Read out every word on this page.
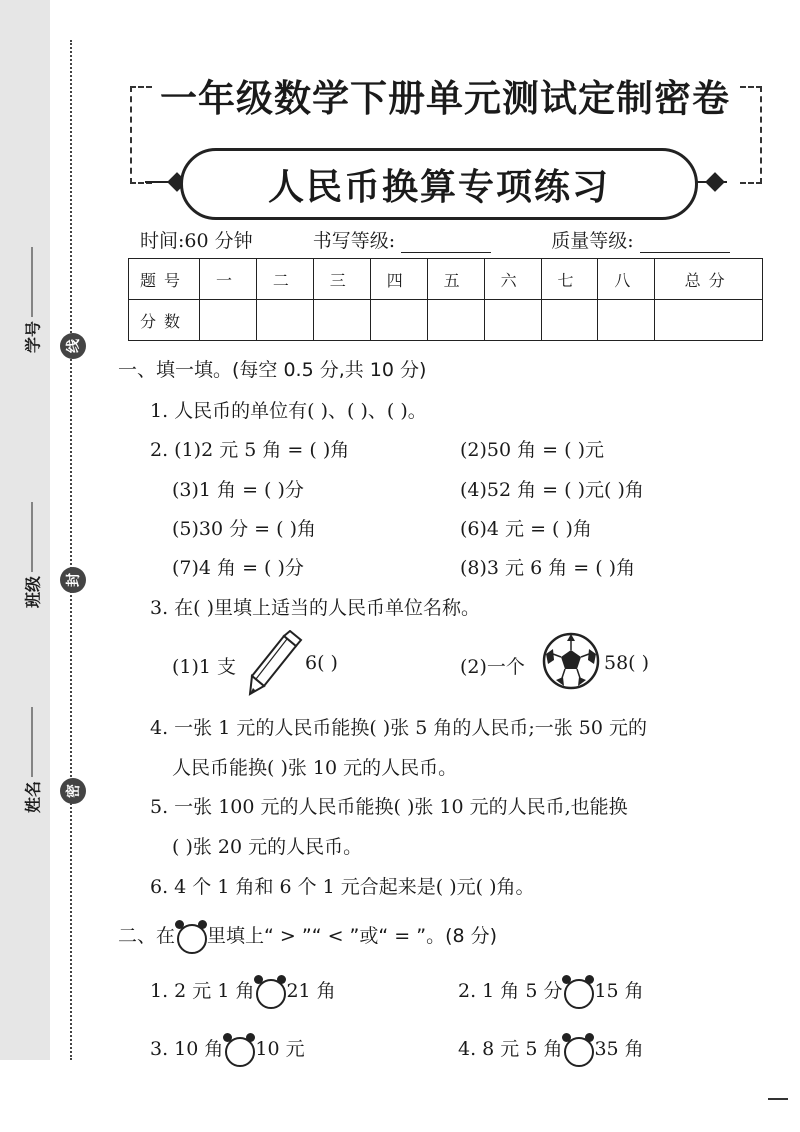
学号
班级
姓名
线
封
密
一年级数学下册单元测试定制密卷
人民币换算专项练习
时间:60 分钟	书写等级:	质量等级:
题号	一	二	三	四	五	六	七	八	总分
分数									
一、填一填。(每空 0.5 分,共 10 分)
1. 人民币的单位有( )、( )、( )。
2. (1)2 元 5 角 = ( )角	(2)50 角 = ( )元
(3)1 角 = ( )分	(4)52 角 = ( )元( )角
(5)30 分 = ( )角	(6)4 元 = ( )角
(7)4 角 = ( )分	(8)3 元 6 角 = ( )角
3. 在( )里填上适当的人民币单位名称。
(1)1 支	6( )	(2)一个	58( )
4. 一张 1 元的人民币能换( )张 5 角的人民币;一张 50 元的
人民币能换( )张 10 元的人民币。
5. 一张 100 元的人民币能换( )张 10 元的人民币,也能换
( )张 20 元的人民币。
6. 4 个 1 角和 6 个 1 元合起来是( )元( )角。
二、在 里填上“ > ”“ < ”或“ = ”。(8 分)
1. 2 元 1 角 21 角	2. 1 角 5 分 15 角
3. 10 角 10 元	4. 8 元 5 角 35 角
